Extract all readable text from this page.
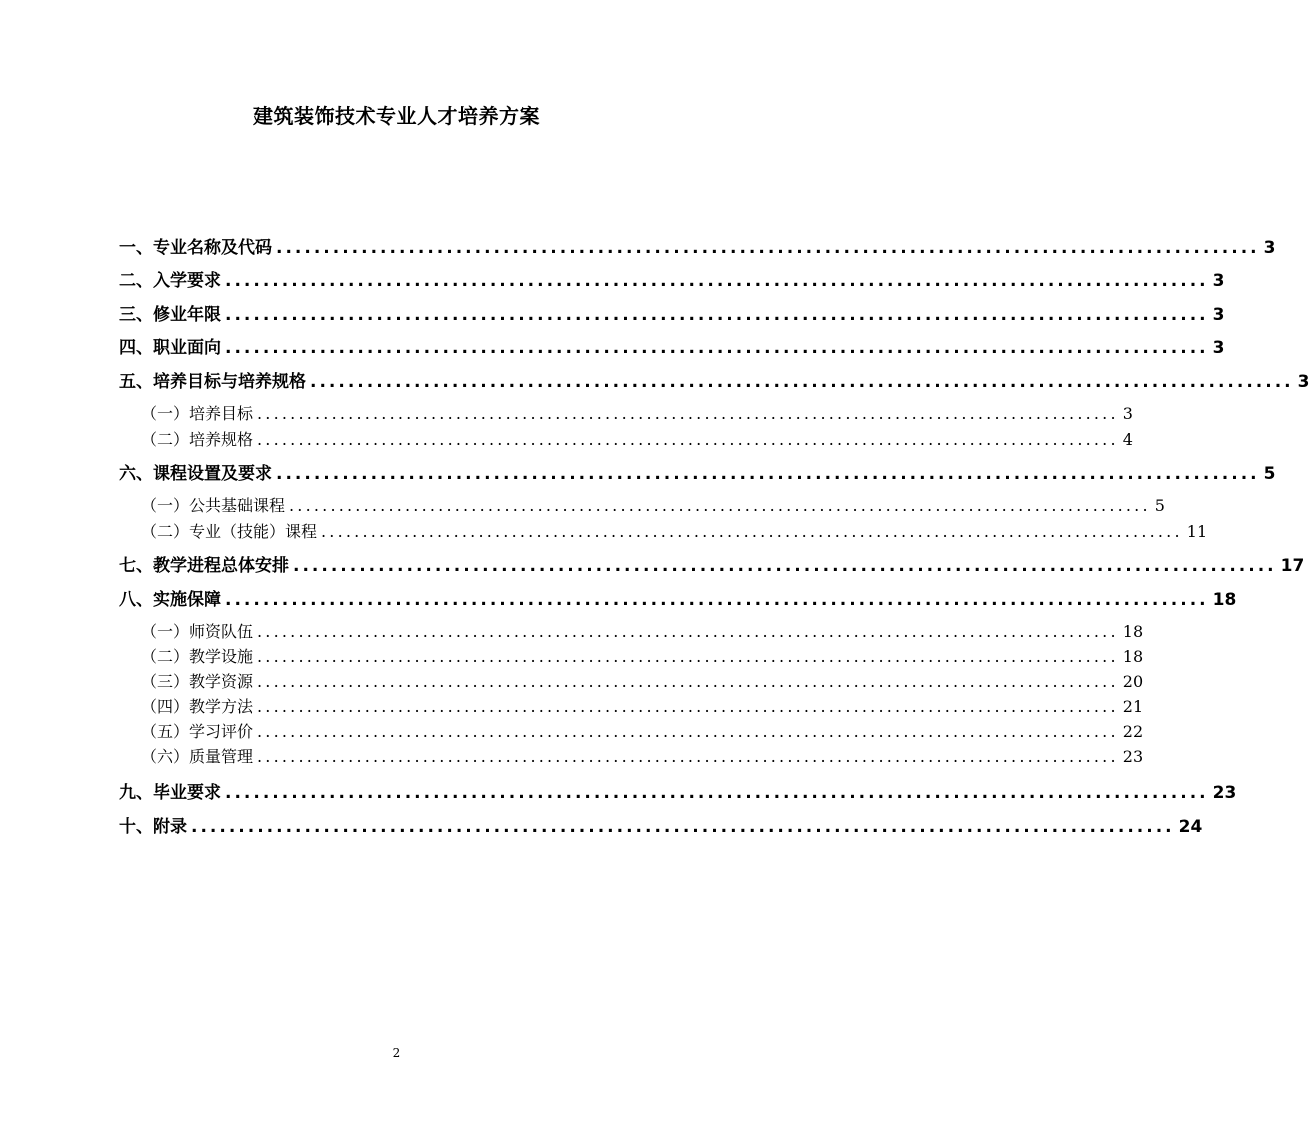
建筑装饰技术专业人才培养方案
一、专业名称及代码 ........................................................................................................ 3
二、入学要求 ........................................................................................................ 3
三、修业年限 ........................................................................................................ 3
四、职业面向 ........................................................................................................ 3
五、培养目标与培养规格 ........................................................................................................ 3
（一）培养目标 ........................................................................................................ 3
（二）培养规格 ........................................................................................................ 4
六、课程设置及要求 ........................................................................................................ 5
（一）公共基础课程 ........................................................................................................ 5
（二）专业（技能）课程 ........................................................................................................ 11
七、教学进程总体安排 ........................................................................................................ 17
八、实施保障 ........................................................................................................ 18
（一）师资队伍 ........................................................................................................ 18
（二）教学设施 ........................................................................................................ 18
（三）教学资源 ........................................................................................................ 20
（四）教学方法 ........................................................................................................ 21
（五）学习评价 ........................................................................................................ 22
（六）质量管理 ........................................................................................................ 23
九、毕业要求 ........................................................................................................ 23
十、附录 ........................................................................................................ 24
2
